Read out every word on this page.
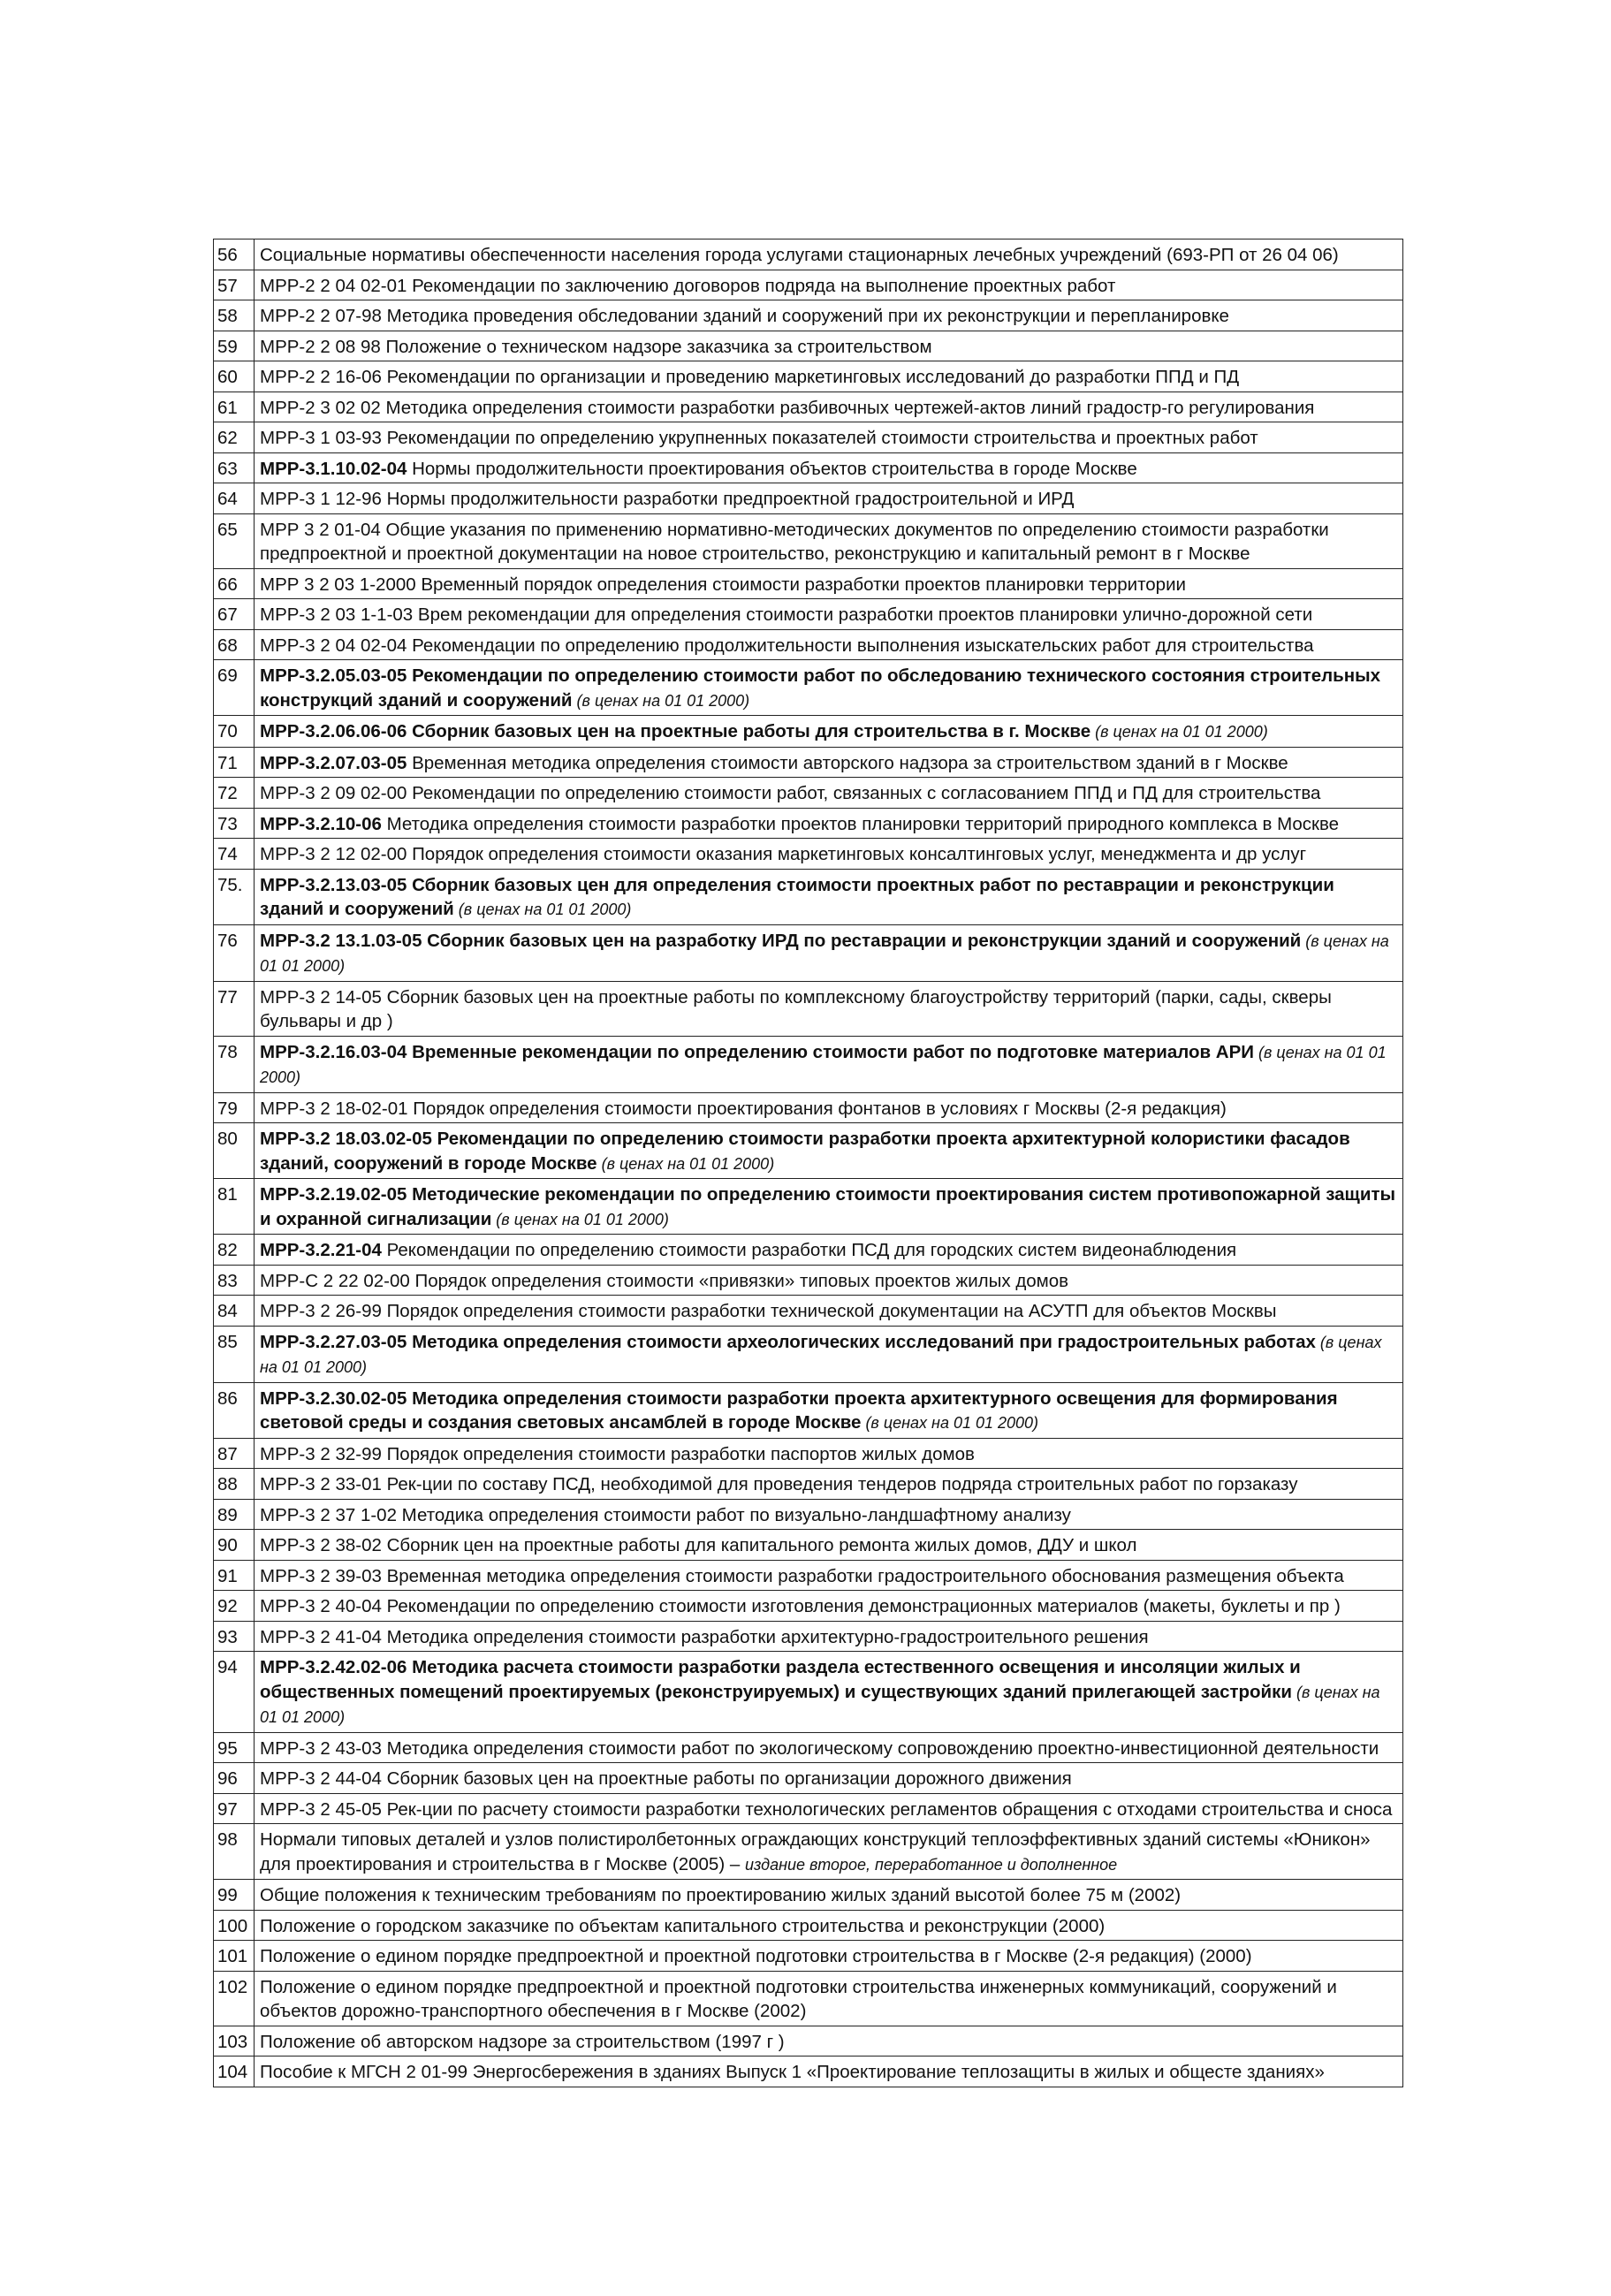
56	Социальные нормативы обеспеченности населения города услугами стационарных лечебных учреждений (693-РП от 26 04 06)
57	МРР-2 2 04 02-01 Рекомендации по заключению договоров подряда на выполнение проектных работ
58	МРР-2 2 07-98 Методика проведения обследовании зданий и сооружений при их реконструкции и перепланировке
59	МРР-2 2 08 98 Положение о техническом надзоре заказчика за строительством
60	МРР-2 2 16-06 Рекомендации по организации и проведению маркетинговых исследований до разработки ППД и ПД
61	МРР-2 3 02 02 Методика определения стоимости разработки разбивочных чертежей-актов линий градостр-го регулирования
62	МРР-3 1 03-93 Рекомендации по определению укрупненных показателей стоимости строительства и проектных работ
63	МРР-3.1.10.02-04 Нормы продолжительности проектирования объектов строительства в городе Москве
64	МРР-3 1 12-96 Нормы продолжительности разработки предпроектной градостроительной и ИРД
65	МРР 3 2 01-04 Общие указания по применению нормативно-методических документов по определению стоимости разработки предпроектной и проектной документации на новое строительство, реконструкцию и капитальный ремонт в г Москве
66	МРР 3 2 03 1-2000 Временный порядок определения стоимости разработки проектов планировки территории
67	МРР-3 2 03 1-1-03 Врем рекомендации для определения стоимости разработки проектов планировки улично-дорожной сети
68	МРР-3 2 04 02-04 Рекомендации по определению продолжительности выполнения изыскательских работ для строительства
69	МРР-3.2.05.03-05 Рекомендации по определению стоимости работ по обследованию технического состояния строительных конструкций зданий и сооружений (в ценах на 01 01 2000)
70	МРР-3.2.06.06-06 Сборник базовых цен на проектные работы для строительства в г. Москве (в ценах на 01 01 2000)
71	МРР-3.2.07.03-05 Временная методика определения стоимости авторского надзора за строительством зданий в г Москве
72	МРР-3 2 09 02-00 Рекомендации по определению стоимости работ, связанных с согласованием ППД и ПД для строительства
73	МРР-3.2.10-06 Методика определения стоимости разработки проектов планировки территорий природного комплекса в Москве
74	МРР-3 2 12 02-00 Порядок определения стоимости оказания маркетинговых консалтинговых услуг, менеджмента и др услуг
75.	МРР-3.2.13.03-05 Сборник базовых цен для определения стоимости проектных работ по реставрации и реконструкции зданий и сооружений (в ценах на 01 01 2000)
76	МРР-3.2 13.1.03-05 Сборник базовых цен на разработку ИРД по реставрации и реконструкции зданий и сооружений (в ценах на 01 01 2000)
77	МРР-3 2 14-05 Сборник базовых цен на проектные работы по комплексному благоустройству территорий (парки, сады, скверы бульвары и др )
78	МРР-3.2.16.03-04 Временные рекомендации по определению стоимости работ по подготовке материалов АРИ (в ценах на 01 01 2000)
79	МРР-3 2 18-02-01 Порядок определения стоимости проектирования фонтанов в условиях г Москвы (2-я редакция)
80	МРР-3.2 18.03.02-05 Рекомендации по определению стоимости разработки проекта архитектурной колористики фасадов зданий, сооружений в городе Москве (в ценах на 01 01 2000)
81	МРР-3.2.19.02-05 Методические рекомендации по определению стоимости проектирования систем противопожарной защиты и охранной сигнализации (в ценах на 01 01 2000)
82	МРР-3.2.21-04 Рекомендации по определению стоимости разработки ПСД для городских систем видеонаблюдения
83	МРР-С 2 22 02-00 Порядок определения стоимости «привязки» типовых проектов жилых домов
84	МРР-3 2 26-99 Порядок определения стоимости разработки технической документации на АСУТП для объектов Москвы
85	МРР-3.2.27.03-05 Методика определения стоимости археологических исследований при градостроительных работах (в ценах на 01 01 2000)
86	МРР-3.2.30.02-05 Методика определения стоимости разработки проекта архитектурного освещения для формирования световой среды и создания световых ансамблей в городе Москве (в ценах на 01 01 2000)
87	МРР-3 2 32-99 Порядок определения стоимости разработки паспортов жилых домов
88	МРР-3 2 33-01 Рек-ции по составу ПСД, необходимой для проведения тендеров подряда строительных работ по горзаказу
89	МРР-3 2 37 1-02 Методика определения стоимости работ по визуально-ландшафтному анализу
90	МРР-3 2 38-02 Сборник цен на проектные работы для капитального ремонта жилых домов, ДДУ и школ
91	МРР-3 2 39-03 Временная методика определения стоимости разработки градостроительного обоснования размещения объекта
92	МРР-3 2 40-04 Рекомендации по определению стоимости изготовления демонстрационных материалов (макеты, буклеты и пр )
93	МРР-3 2 41-04 Методика определения стоимости разработки архитектурно-градостроительного решения
94	МРР-3.2.42.02-06 Методика расчета стоимости разработки раздела естественного освещения и инсоляции жилых и общественных помещений проектируемых (реконструируемых) и существующих зданий прилегающей застройки (в ценах на 01 01 2000)
95	МРР-3 2 43-03 Методика определения стоимости работ по экологическому сопровождению проектно-инвестиционной деятельности
96	МРР-3 2 44-04 Сборник базовых цен на проектные работы по организации дорожного движения
97	МРР-3 2 45-05 Рек-ции по расчету стоимости разработки технологических регламентов обращения с отходами строительства и сноса
98	Нормали типовых деталей и узлов полистиролбетонных ограждающих конструкций теплоэффективных зданий системы «Юникон» для проектирования и строительства в г Москве (2005) – издание второе, переработанное и дополненное
99	Общие положения к техническим требованиям по проектированию жилых зданий высотой более 75 м (2002)
100	Положение о городском заказчике по объектам капитального строительства и реконструкции (2000)
101	Положение о едином порядке предпроектной и проектной подготовки строительства в г Москве (2-я редакция) (2000)
102	Положение о едином порядке предпроектной и проектной подготовки строительства инженерных коммуникаций, сооружений и объектов дорожно-транспортного обеспечения в г Москве (2002)
103	Положение об авторском надзоре за строительством (1997 г )
104	Пособие к МГСН 2 01-99 Энергосбережения в зданиях Выпуск 1 «Проектирование теплозащиты в жилых и общесте зданиях»
